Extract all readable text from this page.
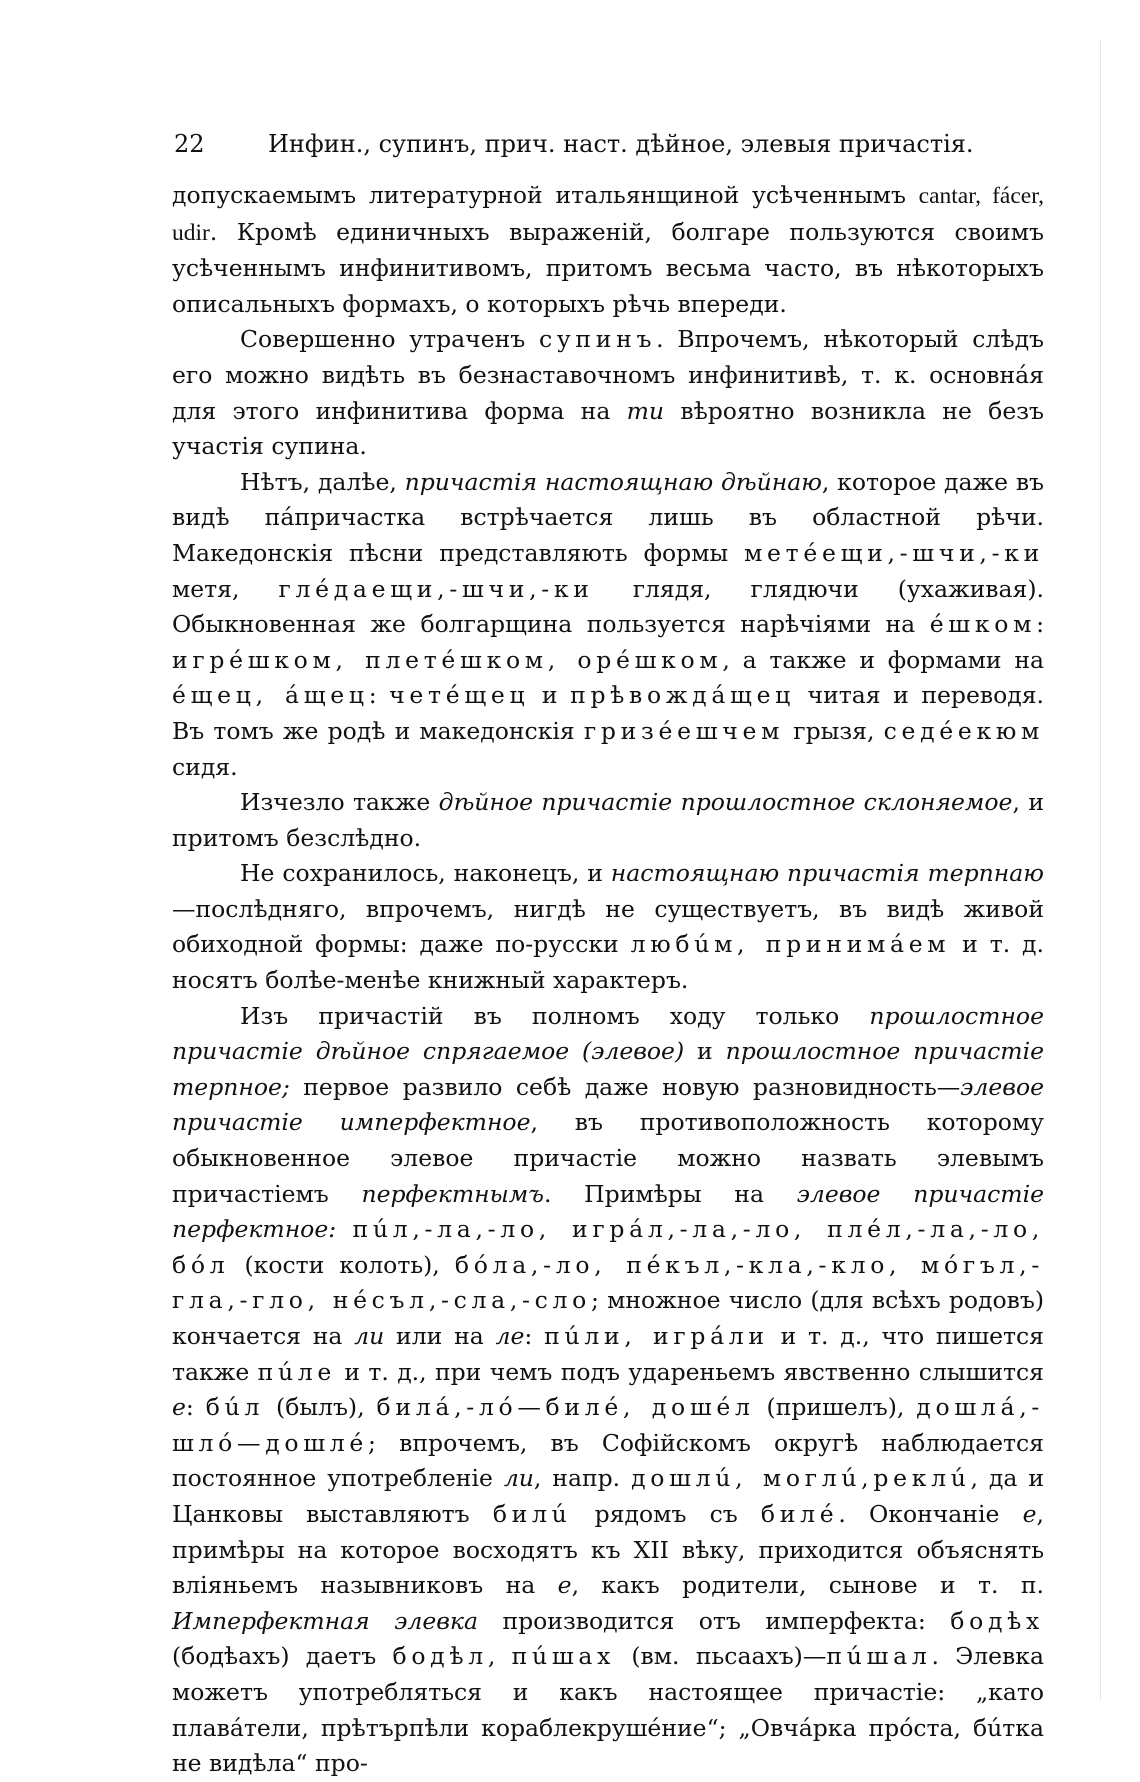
22	Инфин., супинъ, прич. наст. дѣйное, элевыя причастія.

допускаемымъ литературной итальянщиной усѣченнымъ cantar, fácer, udir. Кромѣ единичныхъ выраженій, болгаре пользуются своимъ усѣченнымъ инфинитивомъ, притомъ весьма часто, въ нѣкоторыхъ описальныхъ формахъ, о которыхъ рѣчь впереди.

Совершенно утраченъ супинъ. Впрочемъ, нѣкоторый слѣдъ его можно видѣть въ безнаставочномъ инфинитивѣ, т. к. основнáя для этого инфинитива форма на ти вѣроятно возникла не безъ участія супина.

Нѣтъ, далѣе, причастія настоящнаю дѣйнаю, которое даже въ видѣ пáпричастка встрѣчается лишь въ областной рѣчи. Македонскія пѣсни представляють формы метéещи,-шчи,-ки метя, глéдаещи,-шчи,-ки глядя, глядючи (ухаживая). Обыкновенная же болгарщина пользуется нарѣчіями на éшком: игрéшком, плетéшком, орéшком, а также и формами на éщец, áщец: четéщец и прѣвождáщец читая и переводя. Въ томъ же родѣ и македонскія гризéешчем грызя, седéекюм сидя.

Изчезло также дѣйное причастіе прошлостное склоняемое, и притомъ безслѣдно.

Не сохранилось, наконецъ, и настоящнаю причастія терпнаю—послѣдняго, впрочемъ, нигдѣ не существуетъ, въ видѣ живой обиходной формы: даже по-русски любúм, принимáем и т. д. носятъ болѣе-менѣе книжный характеръ.

Изъ причастій въ полномъ ходу только прошлостное причастіе дѣйное спрягаемое (элевое) и прошлостное причастіе терпное; первое развило себѣ даже новую разновидность—элевое причастіе имперфектное, въ противоположность которому обыкновенное элевое причастіе можно назвать элевымъ причастіемъ перфектнымъ. Примѣры на элевое причастіе перфектное: пúл,-ла,-ло, игрáл,-ла,-ло, плéл,-ла,-ло, бóл (кости колоть), бóла,-ло, пéкъл,-кла,-кло, мóгъл,-гла,-гло, нéсъл,-сла,-сло; множное число (для всѣхъ родовъ) кончается на ли или на ле: пúли, игрáли и т. д., что пишется также пúле и т. д., при чемъ подъ удареньемъ явственно слышится е: бúл (былъ), билá,-лó—билé, дошéл (пришелъ), дошлá,-шлó—дошлé; впрочемъ, въ Софійскомъ округѣ наблюдается постоянное употребленіе ли, напр. дошлú, моглú,реклú, да и Цанковы выставляютъ билú рядомъ съ билé. Окончаніе е, примѣры на которое восходятъ къ XII вѣку, приходится объяснять вліяньемъ назывниковъ на е, какъ родители, сынове и т. п. Имперфектная элевка производится отъ имперфекта: бодѣх (бодѣахъ) даетъ бодѣл, пúшах (вм. пьсаахъ)—пúшал. Элевка можетъ употребляться и какъ настоящее причастіе: „като плавáтели, прѣтърпѣли кораблекрушéние“; „Овчáрка прóста, бúтка не видѣла“ про-
